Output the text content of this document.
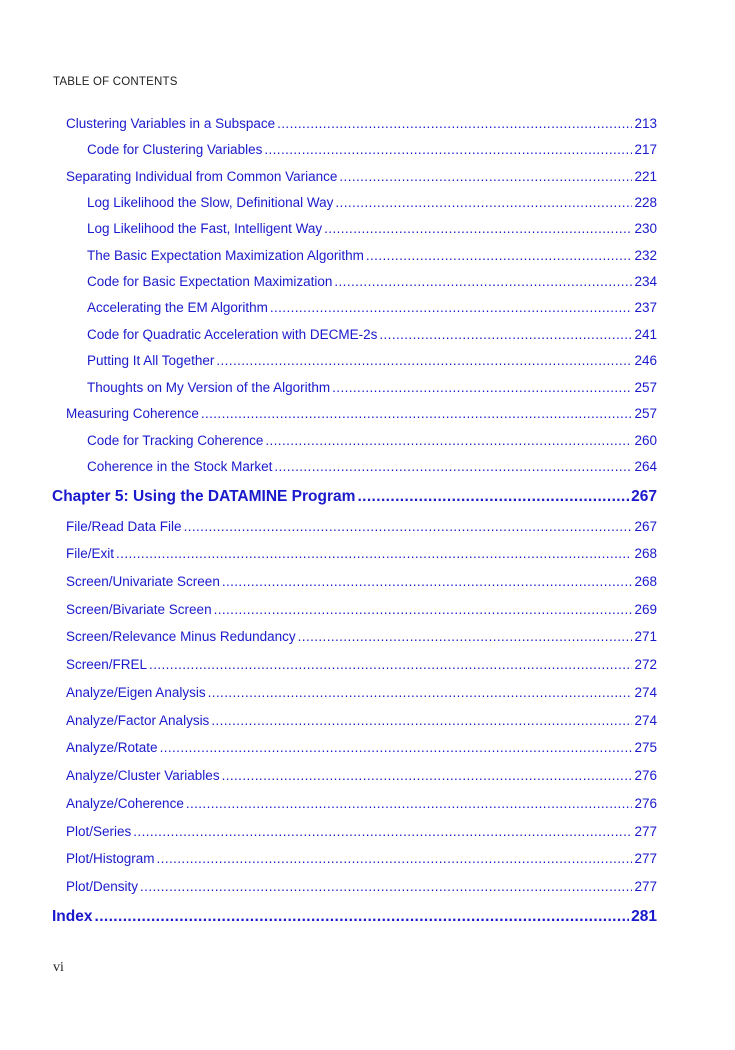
TABLE OF CONTENTS
Clustering Variables in a Subspace .....	213
Code for Clustering Variables .....	217
Separating Individual from Common Variance .....	221
Log Likelihood the Slow, Definitional Way .....	228
Log Likelihood the Fast, Intelligent Way .....	230
The Basic Expectation Maximization Algorithm .....	232
Code for Basic Expectation Maximization .....	234
Accelerating the EM Algorithm .....	237
Code for Quadratic Acceleration with DECME-2s .....	241
Putting It All Together .....	246
Thoughts on My Version of the Algorithm .....	257
Measuring Coherence .....	257
Code for Tracking Coherence .....	260
Coherence in the Stock Market .....	264
Chapter 5: Using the DATAMINE Program .....	267
File/Read Data File .....	267
File/Exit .....	268
Screen/Univariate Screen .....	268
Screen/Bivariate Screen .....	269
Screen/Relevance Minus Redundancy .....	271
Screen/FREL .....	272
Analyze/Eigen Analysis .....	274
Analyze/Factor Analysis .....	274
Analyze/Rotate .....	275
Analyze/Cluster Variables .....	276
Analyze/Coherence .....	276
Plot/Series .....	277
Plot/Histogram .....	277
Plot/Density .....	277
Index .....	281
vi
